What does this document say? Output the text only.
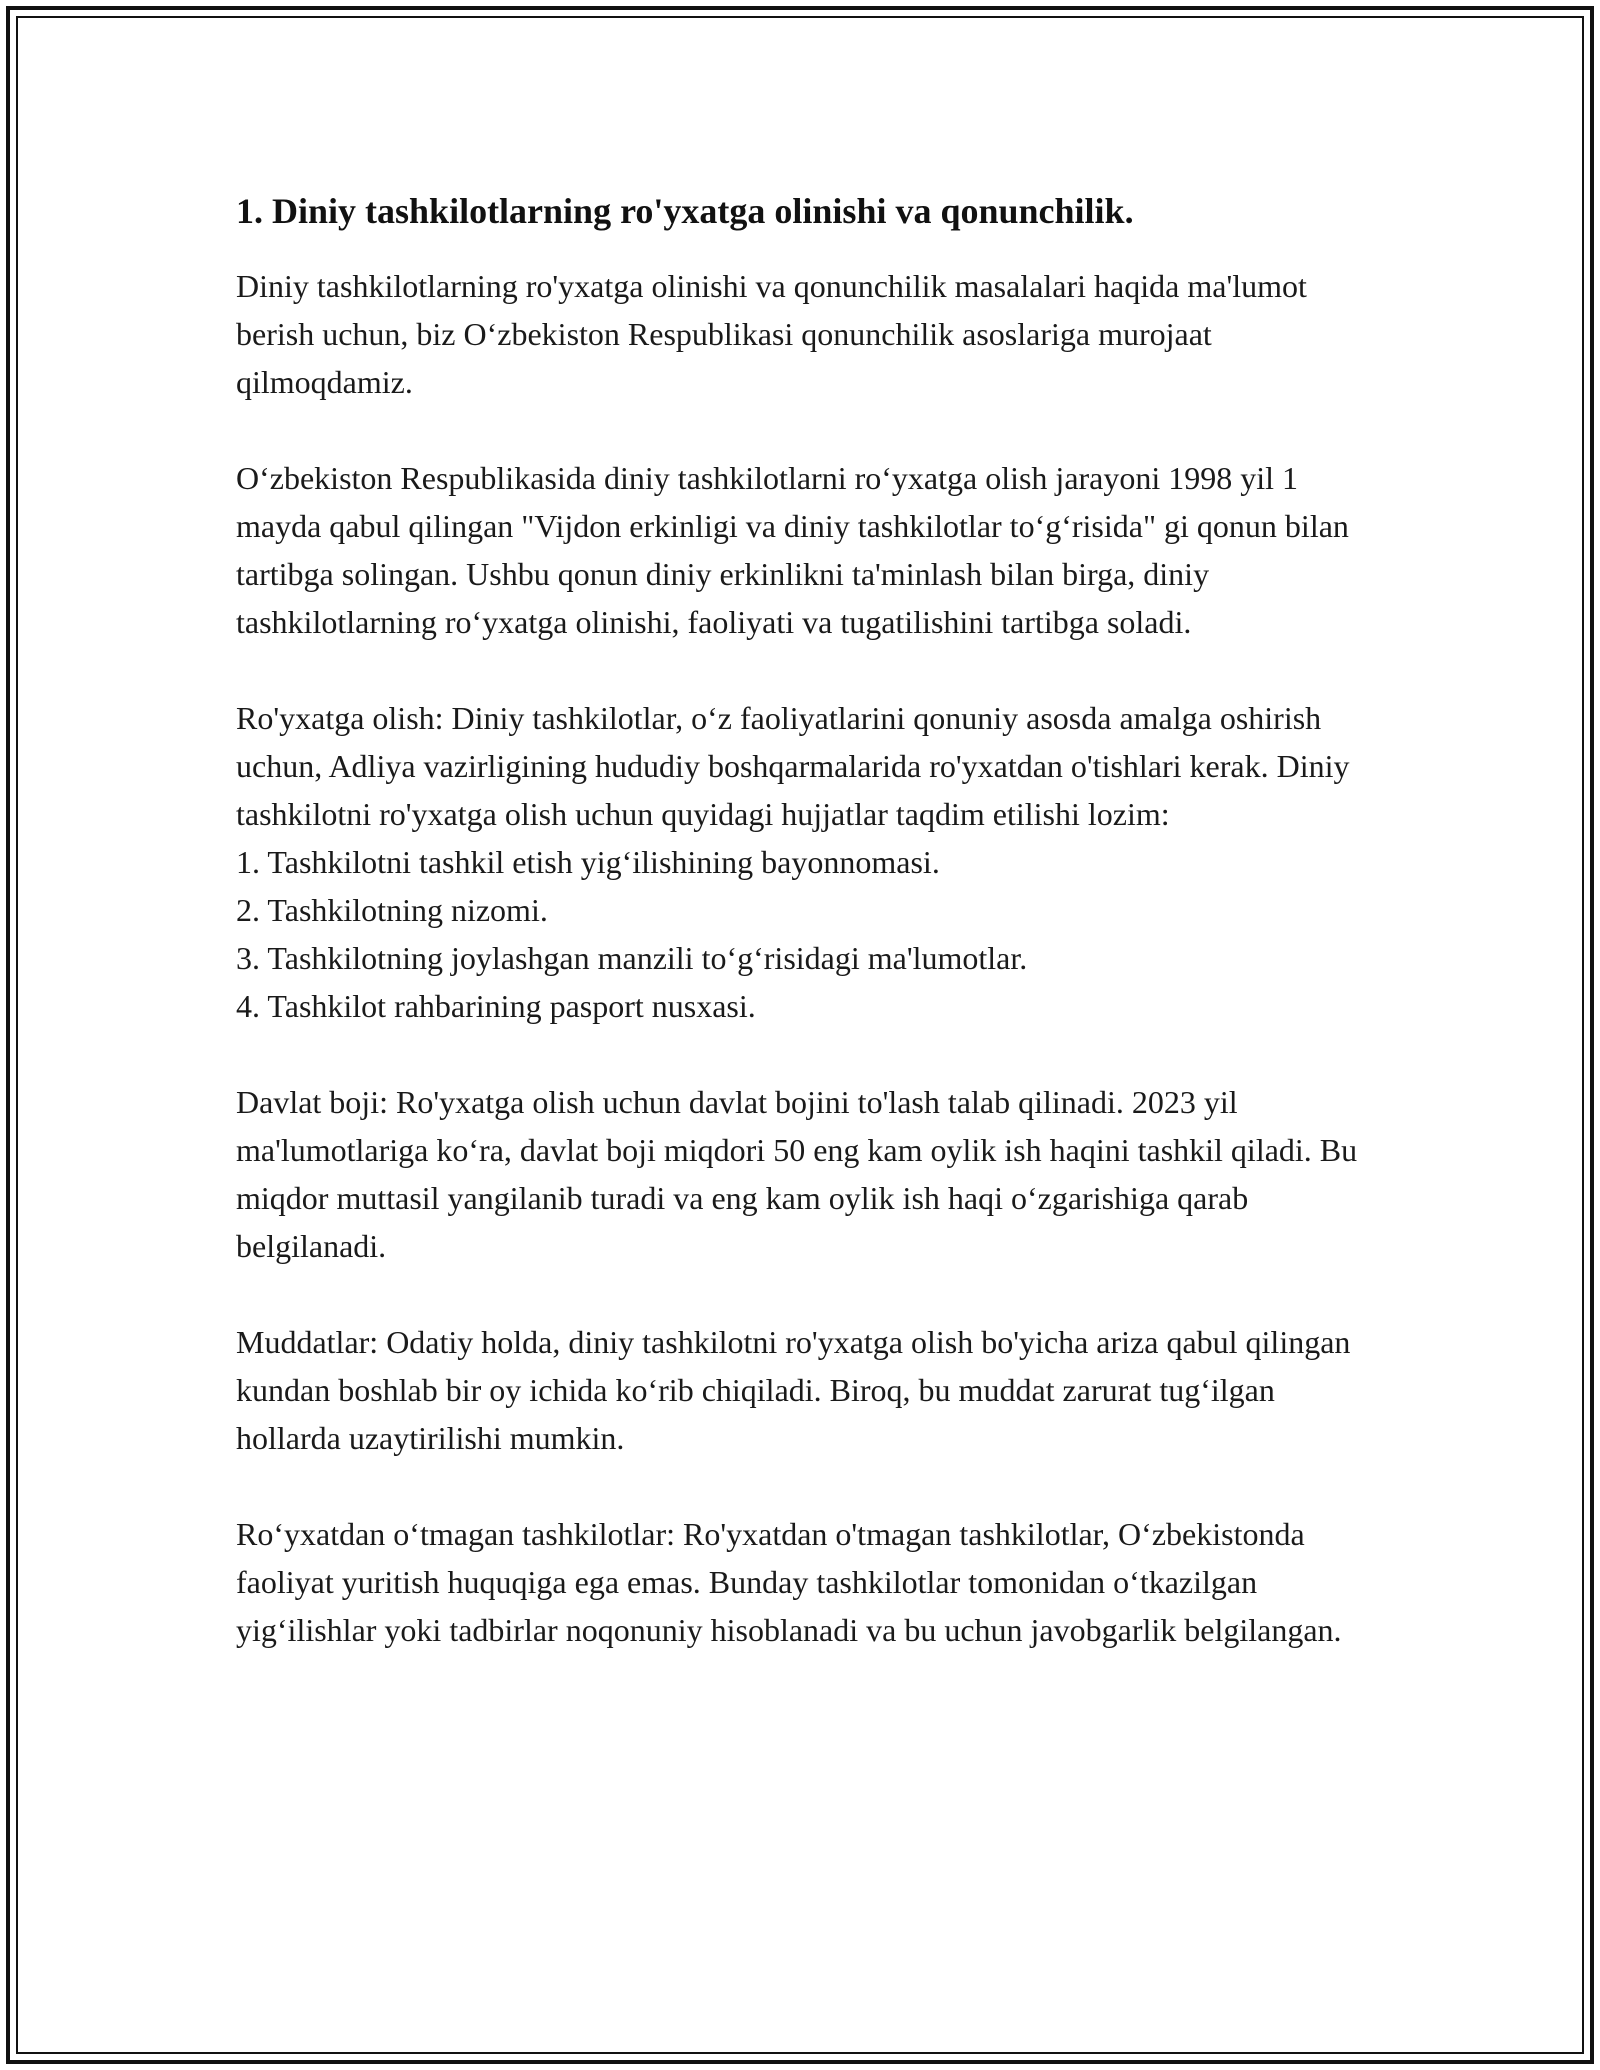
1. Diniy tashkilotlarning ro'yxatga olinishi va qonunchilik.

Diniy tashkilotlarning ro'yxatga olinishi va qonunchilik masalalari haqida ma'lumot berish uchun, biz O‘zbekiston Respublikasi qonunchilik asoslariga murojaat qilmoqdamiz.

O‘zbekiston Respublikasida diniy tashkilotlarni ro‘yxatga olish jarayoni 1998 yil 1 mayda qabul qilingan "Vijdon erkinligi va diniy tashkilotlar to‘g‘risida" gi qonun bilan tartibga solingan. Ushbu qonun diniy erkinlikni ta'minlash bilan birga, diniy tashkilotlarning ro‘yxatga olinishi, faoliyati va tugatilishini tartibga soladi.

Ro'yxatga olish: Diniy tashkilotlar, o‘z faoliyatlarini qonuniy asosda amalga oshirish uchun, Adliya vazirligining hududiy boshqarmalarida ro'yxatdan o'tishlari kerak. Diniy tashkilotni ro'yxatga olish uchun quyidagi hujjatlar taqdim etilishi lozim:

1. Tashkilotni tashkil etish yig‘ilishining bayonnomasi.

2. Tashkilotning nizomi.

3. Tashkilotning joylashgan manzili to‘g‘risidagi ma'lumotlar.

4. Tashkilot rahbarining pasport nusxasi.

Davlat boji: Ro'yxatga olish uchun davlat bojini to'lash talab qilinadi. 2023 yil ma'lumotlariga ko‘ra, davlat boji miqdori 50 eng kam oylik ish haqini tashkil qiladi. Bu miqdor muttasil yangilanib turadi va eng kam oylik ish haqi o‘zgarishiga qarab belgilanadi.

Muddatlar: Odatiy holda, diniy tashkilotni ro'yxatga olish bo'yicha ariza qabul qilingan kundan boshlab bir oy ichida ko‘rib chiqiladi. Biroq, bu muddat zarurat tug‘ilgan hollarda uzaytirilishi mumkin.

Ro‘yxatdan o‘tmagan tashkilotlar: Ro'yxatdan o'tmagan tashkilotlar, O‘zbekistonda faoliyat yuritish huquqiga ega emas. Bunday tashkilotlar tomonidan o‘tkazilgan yig‘ilishlar yoki tadbirlar noqonuniy hisoblanadi va bu uchun javobgarlik belgilangan.
